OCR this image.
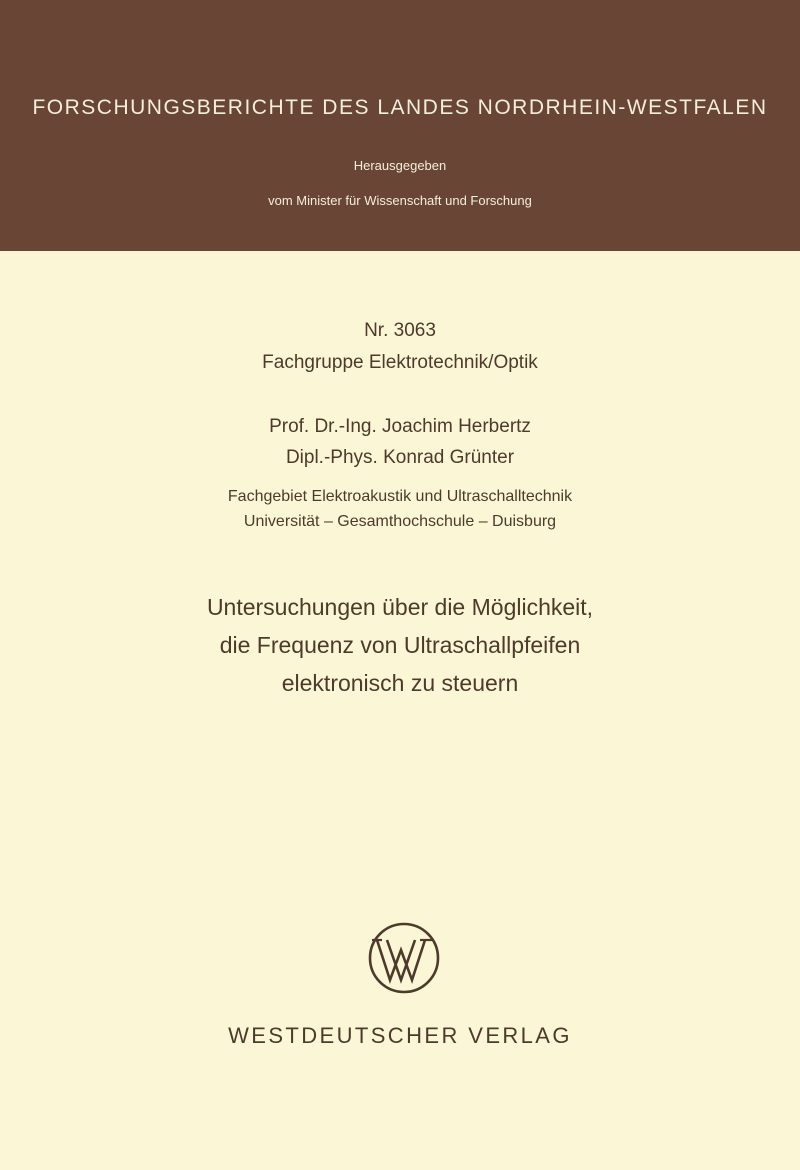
FORSCHUNGSBERICHTE DES LANDES NORDRHEIN-WESTFALEN
Herausgegeben
vom Minister für Wissenschaft und Forschung
Nr. 3063
Fachgruppe Elektrotechnik/Optik
Prof. Dr.-Ing. Joachim Herbertz
Dipl.-Phys. Konrad Grünter
Fachgebiet Elektroakustik und Ultraschalltechnik
Universität – Gesamthochschule – Duisburg
Untersuchungen über die Möglichkeit,
die Frequenz von Ultraschallpfeifen
elektronisch zu steuern
WESTDEUTSCHER VERLAG
